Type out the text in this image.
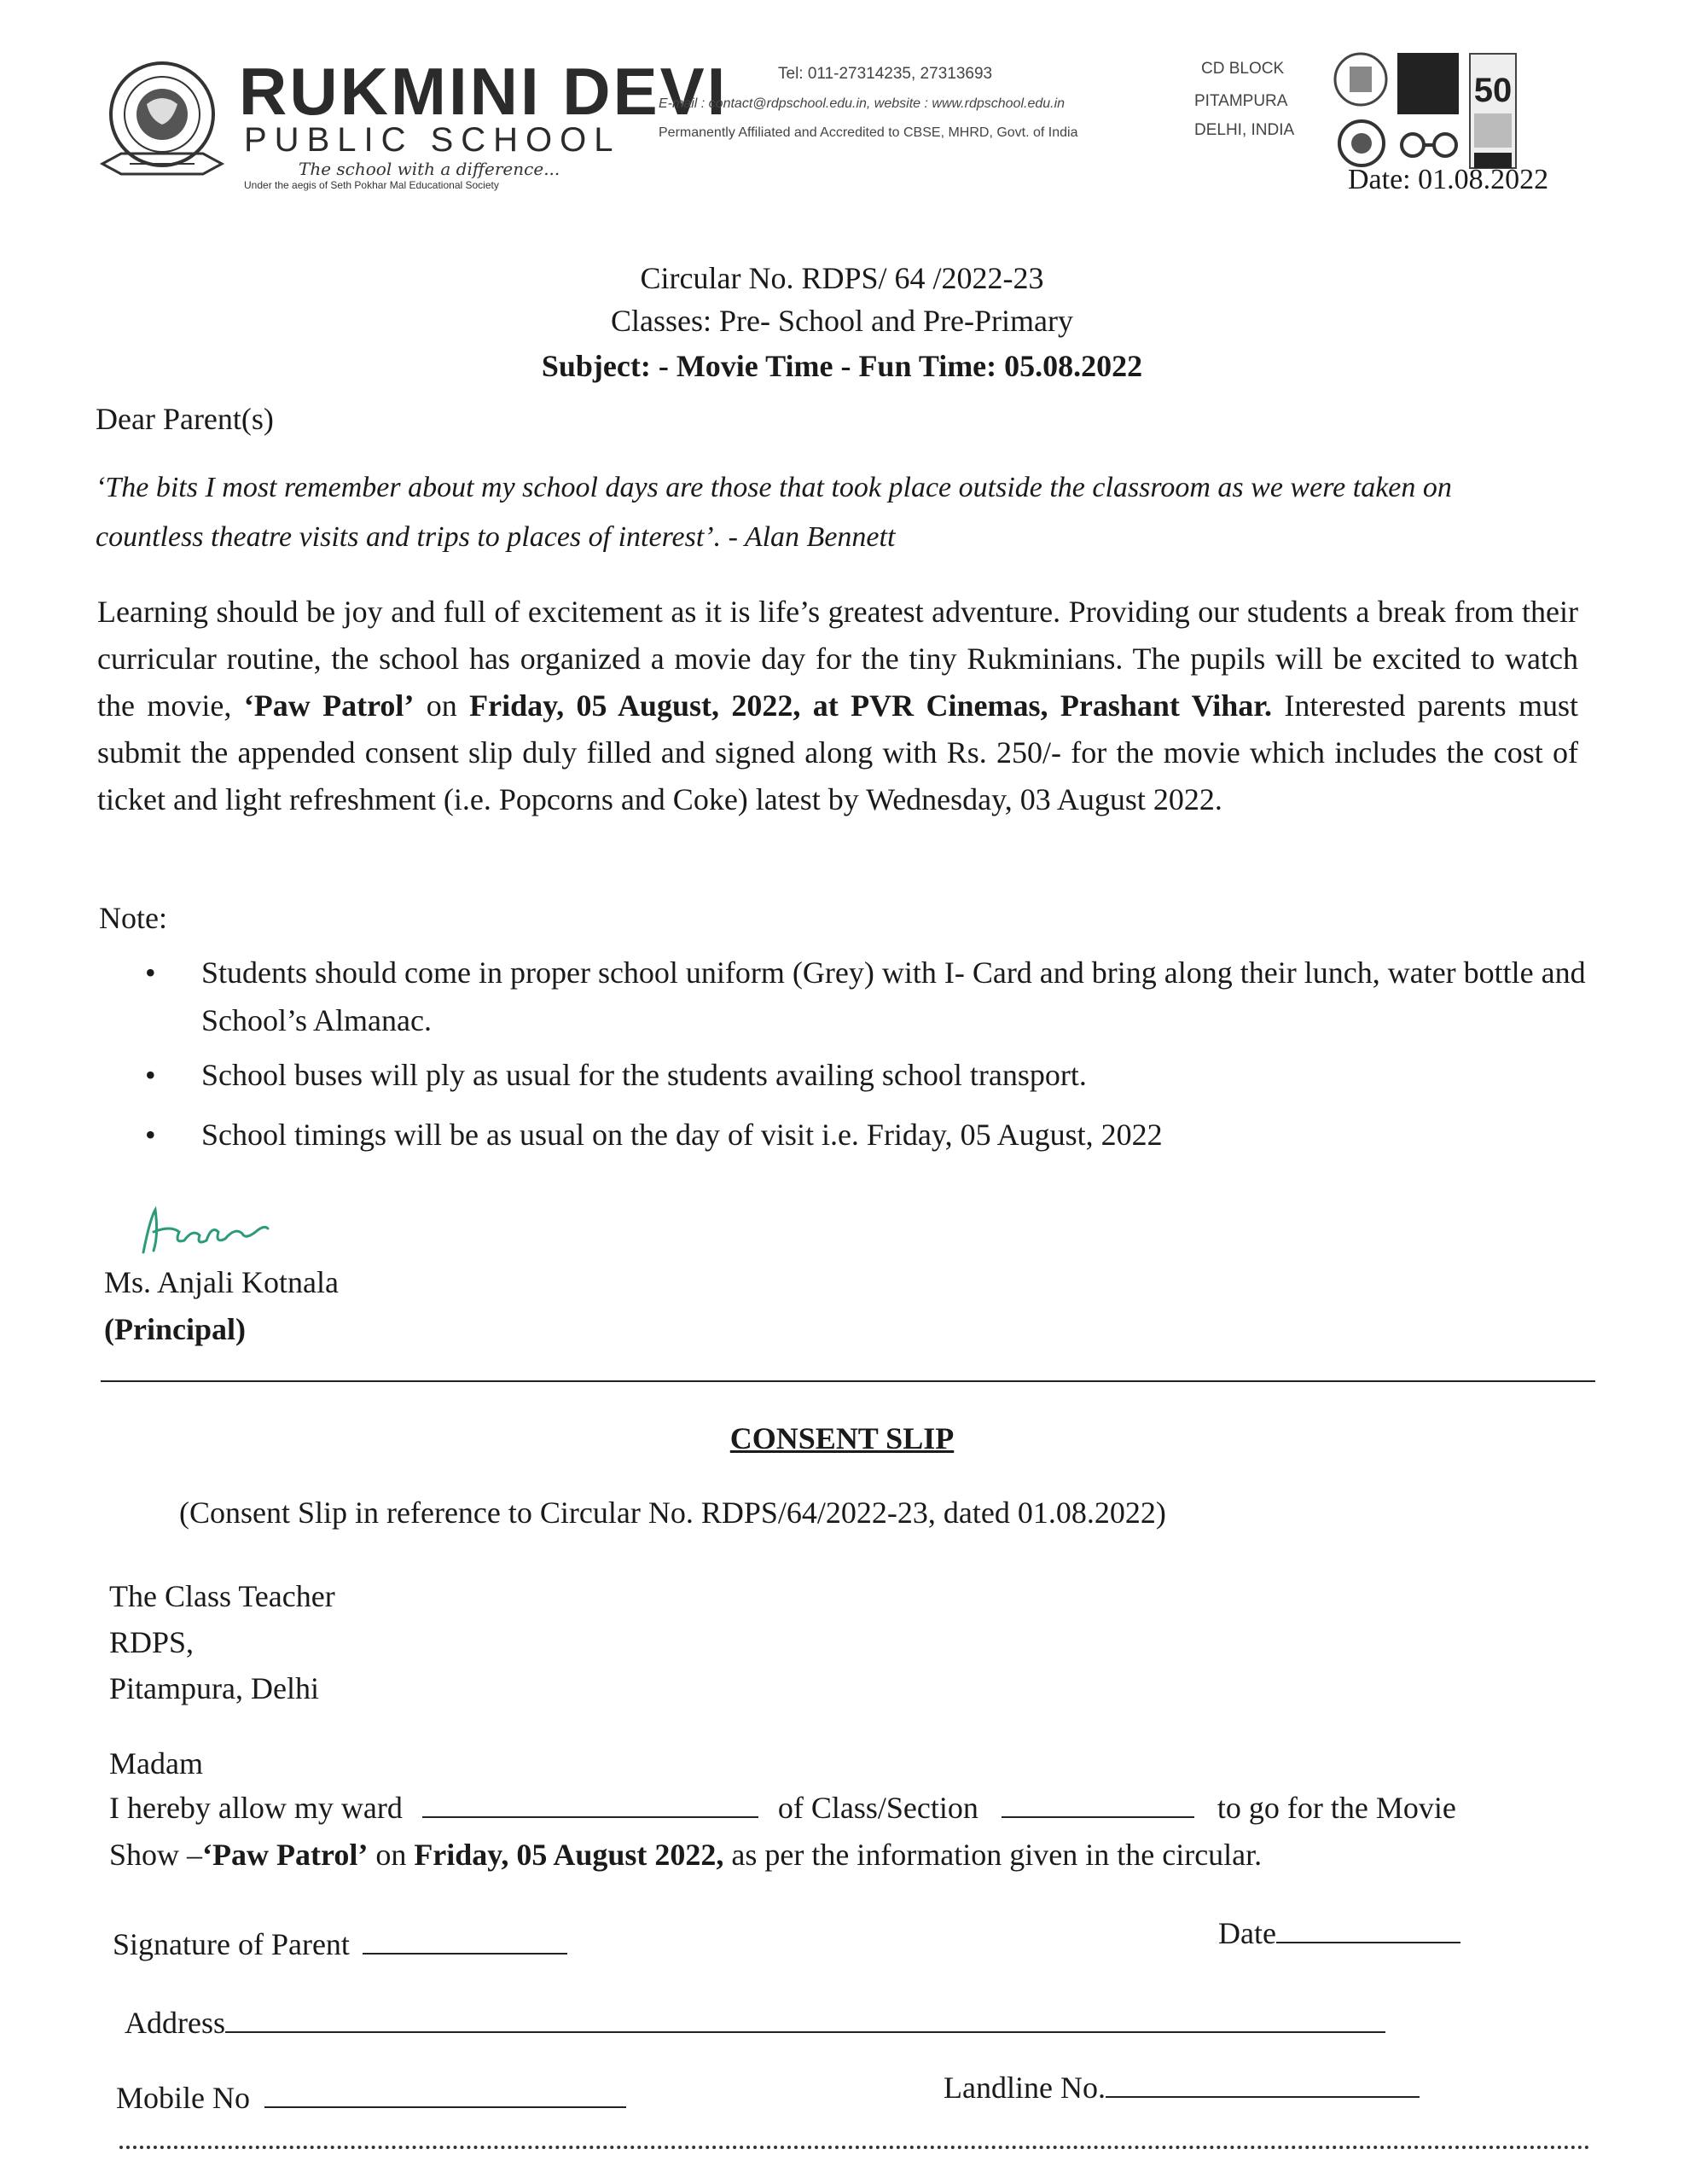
RUKMINI DEVI
PUBLIC SCHOOL
The school with a difference...
Under the aegis of Seth Pokhar Mal Educational Society
Tel: 011-27314235, 27313693
E-mail : contact@rdpschool.edu.in, website : www.rdpschool.edu.in
Permanently Affiliated and Accredited to CBSE, MHRD, Govt. of India
CD BLOCK
PITAMPURA
DELHI, INDIA
50
Date: 01.08.2022
Circular No. RDPS/ 64 /2022-23
Classes: Pre- School and Pre-Primary
Subject: - Movie Time - Fun Time: 05.08.2022
Dear Parent(s)
‘The bits I most remember about my school days are those that took place outside the classroom as we were taken on
countless theatre visits and trips to places of interest’. - Alan Bennett
Learning should be joy and full of excitement as it is life’s greatest adventure. Providing our students a break from their curricular routine, the school has organized a movie day for the tiny Rukminians. The pupils will be excited to watch the movie, ‘Paw Patrol’ on Friday, 05 August, 2022, at PVR Cinemas, Prashant Vihar. Interested parents must submit the appended consent slip duly filled and signed along with Rs. 250/- for the movie which includes the cost of ticket and light refreshment (i.e. Popcorns and Coke) latest by Wednesday, 03 August 2022.
Note:
•	Students should come in proper school uniform (Grey) with I- Card and bring along their lunch, water bottle and School’s Almanac.
•	School buses will ply as usual for the students availing school transport.
•	School timings will be as usual on the day of visit i.e. Friday, 05 August, 2022
Ms. Anjali Kotnala
(Principal)
CONSENT SLIP
(Consent Slip in reference to Circular No. RDPS/64/2022-23, dated 01.08.2022)
The Class Teacher
RDPS,
Pitampura, Delhi
Madam
I hereby allow my ward	of Class/Section	to go for the Movie
Show –‘Paw Patrol’ on Friday, 05 August 2022, as per the information given in the circular.
Signature of Parent	Date
Address
Mobile No	Landline No.
